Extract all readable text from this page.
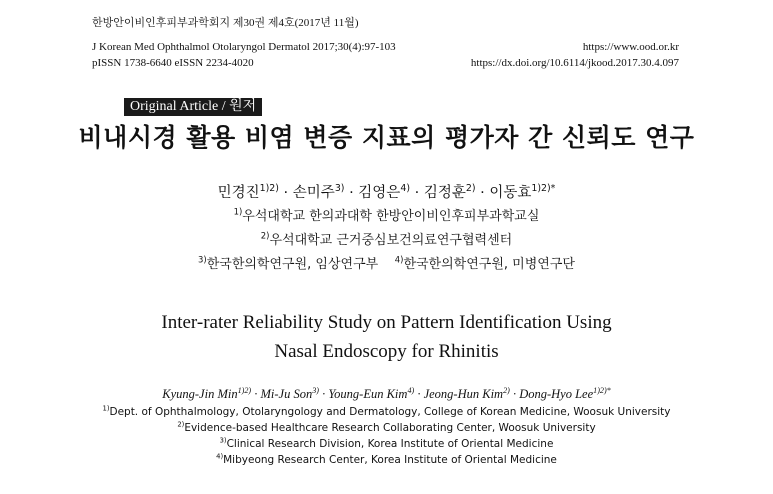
한방안이비인후피부과학회지 제30권 제4호(2017년 11월)
J Korean Med Ophthalmol Otolaryngol Dermatol 2017;30(4):97-103
pISSN 1738-6640 eISSN 2234-4020
https://www.ood.or.kr
https://dx.doi.org/10.6114/jkood.2017.30.4.097
Original Article / 원저
비내시경 활용 비염 변증 지표의 평가자 간 신뢰도 연구
민경진$^{1)2)}$ · 손미주$^{3)}$ · 김영은$^{4)}$ · 김정훈$^{2)}$ · 이동효$^{1)2)*}$
$^{1)}$우석대학교 한의과대학 한방안이비인후피부과학교실
$^{2)}$우석대학교 근거중심보건의료연구협력센터
$^{3)}$한국한의학연구원, 임상연구부 $^{4)}$한국한의학연구원, 미병연구단
Inter-rater Reliability Study on Pattern Identification Using
Nasal Endoscopy for Rhinitis
Kyung-Jin Min$^{1)2)}$ · Mi-Ju Son$^{3)}$ · Young-Eun Kim$^{4)}$ · Jeong-Hun Kim$^{2)}$ · Dong-Hyo Lee$^{1)2)*}$
$^{1)}$Dept. of Ophthalmology, Otolaryngology and Dermatology, College of Korean Medicine, Woosuk University
$^{2)}$Evidence-based Healthcare Research Collaborating Center, Woosuk University
$^{3)}$Clinical Research Division, Korea Institute of Oriental Medicine
$^{4)}$Mibyeong Research Center, Korea Institute of Oriental Medicine
